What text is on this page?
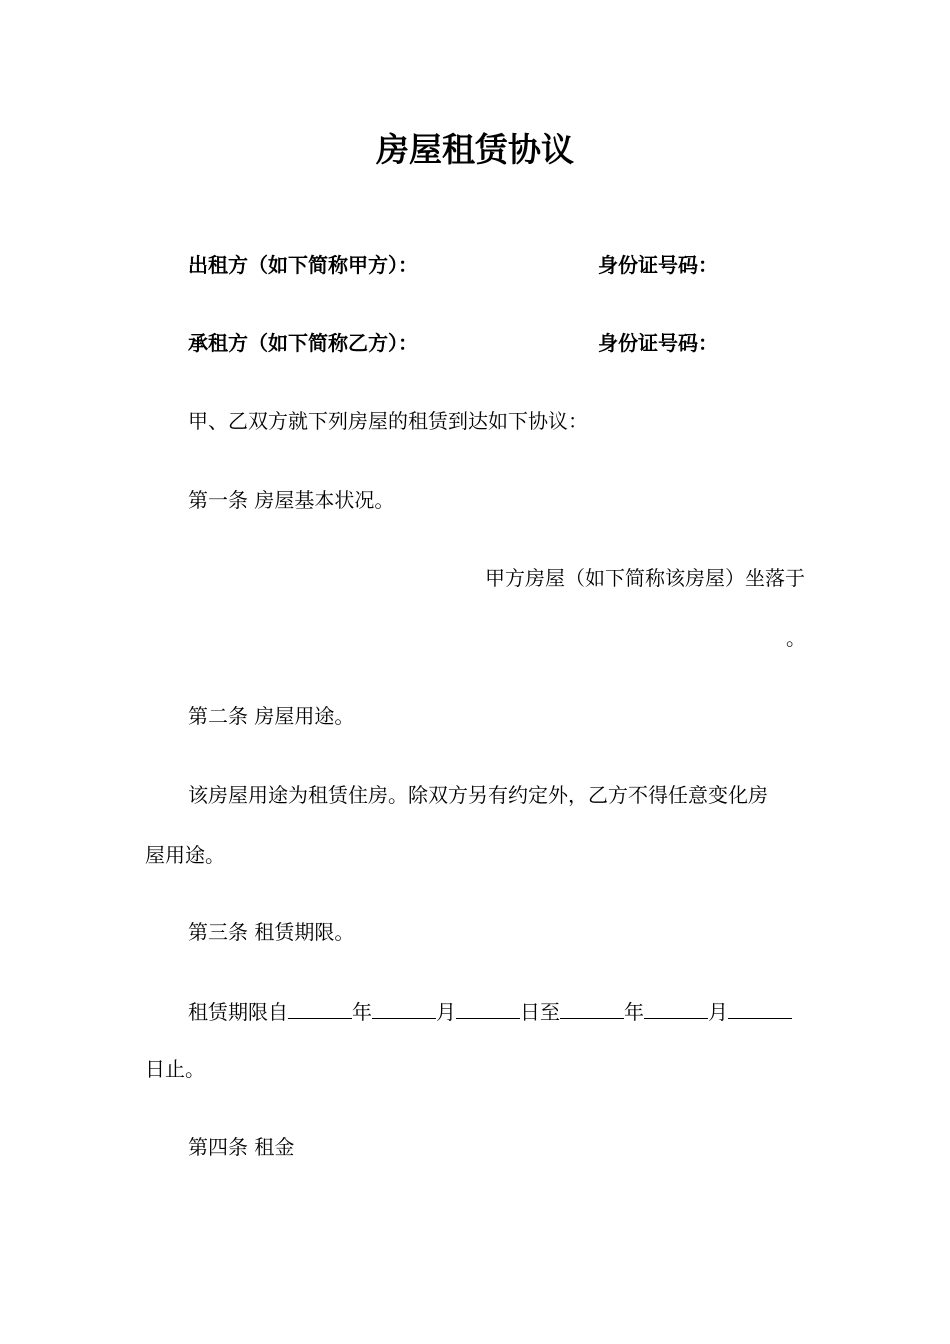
房屋租赁协议
出租方（如下简称甲方）：	身份证号码：
承租方（如下简称乙方）：	身份证号码：
甲、乙双方就下列房屋的租赁到达如下协议：
第一条 房屋基本状况。
甲方房屋（如下简称该房屋）坐落于
。
第二条 房屋用途。
该房屋用途为租赁住房。除双方另有约定外，乙方不得任意变化房
屋用途。
第三条 租赁期限。
租赁期限自	年	月	日至	年	月
日止。
第四条 租金
